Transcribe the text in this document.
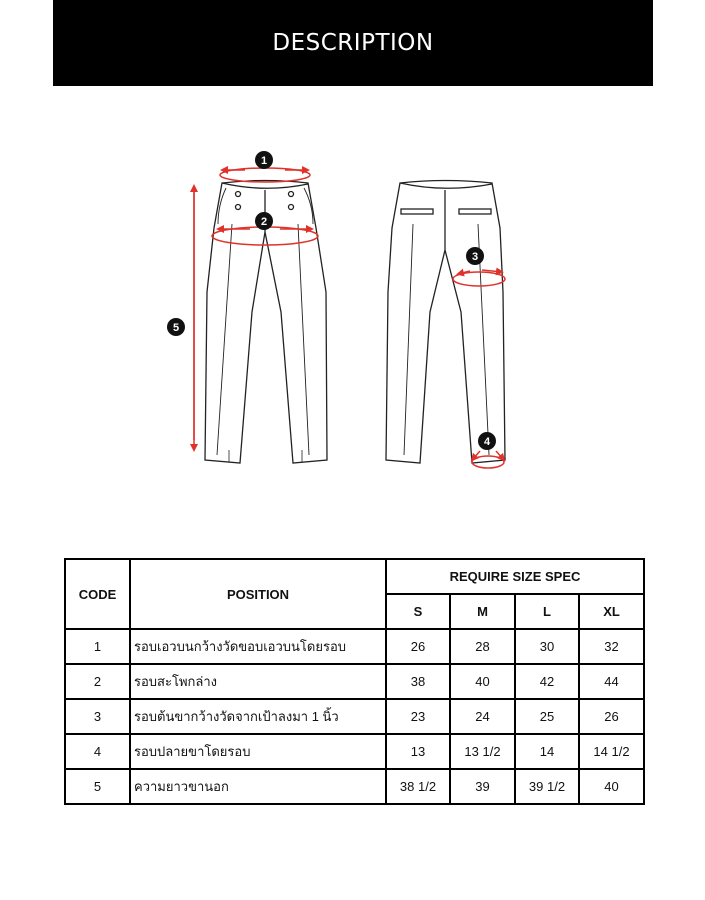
DESCRIPTION
1
2
3
4
5
CODE	POSITION	REQUIRE SIZE SPEC			
		S	M	L	XL
1	รอบเอวบนกว้างวัดขอบเอวบนโดยรอบ	26	28	30	32
2	รอบสะโพกล่าง	38	40	42	44
3	รอบต้นขากว้างวัดจากเป้าลงมา 1 นิ้ว	23	24	25	26
4	รอบปลายขาโดยรอบ	13	13 1/2	14	14 1/2
5	ความยาวขานอก	38 1/2	39	39 1/2	40
